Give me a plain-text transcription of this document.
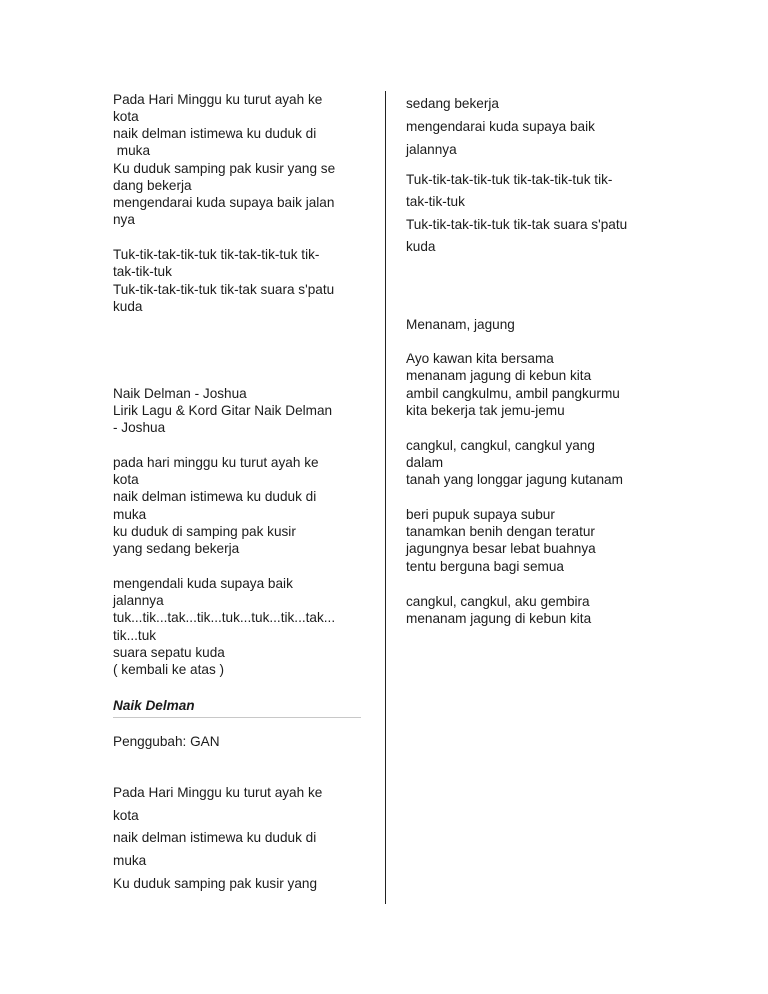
Pada Hari Minggu ku turut ayah ke
kota
naik delman istimewa ku duduk di
muka
Ku duduk samping pak kusir yang se
dang bekerja
mengendarai kuda supaya baik jalan
nya
Tuk-tik-tak-tik-tuk tik-tak-tik-tuk tik-
tak-tik-tuk
Tuk-tik-tak-tik-tuk tik-tak suara s'patu
kuda
Naik Delman - Joshua
Lirik Lagu & Kord Gitar Naik Delman
- Joshua
pada hari minggu ku turut ayah ke
kota
naik delman istimewa ku duduk di
muka
ku duduk di samping pak kusir
yang sedang bekerja
mengendali kuda supaya baik
jalannya
tuk...tik...tak...tik...tuk...tuk...tik...tak...
tik...tuk
suara sepatu kuda
( kembali ke atas )
Naik Delman
Penggubah: GAN
Pada Hari Minggu ku turut ayah ke
kota
naik delman istimewa ku duduk di
muka
Ku duduk samping pak kusir yang
sedang bekerja
mengendarai kuda supaya baik
jalannya
Tuk-tik-tak-tik-tuk tik-tak-tik-tuk tik-
tak-tik-tuk
Tuk-tik-tak-tik-tuk tik-tak suara s'patu
kuda
Menanam, jagung
Ayo kawan kita bersama
menanam jagung di kebun kita
ambil cangkulmu, ambil pangkurmu
kita bekerja tak jemu-jemu
cangkul, cangkul, cangkul yang
dalam
tanah yang longgar jagung kutanam
beri pupuk supaya subur
tanamkan benih dengan teratur
jagungnya besar lebat buahnya
tentu berguna bagi semua
cangkul, cangkul, aku gembira
menanam jagung di kebun kita
